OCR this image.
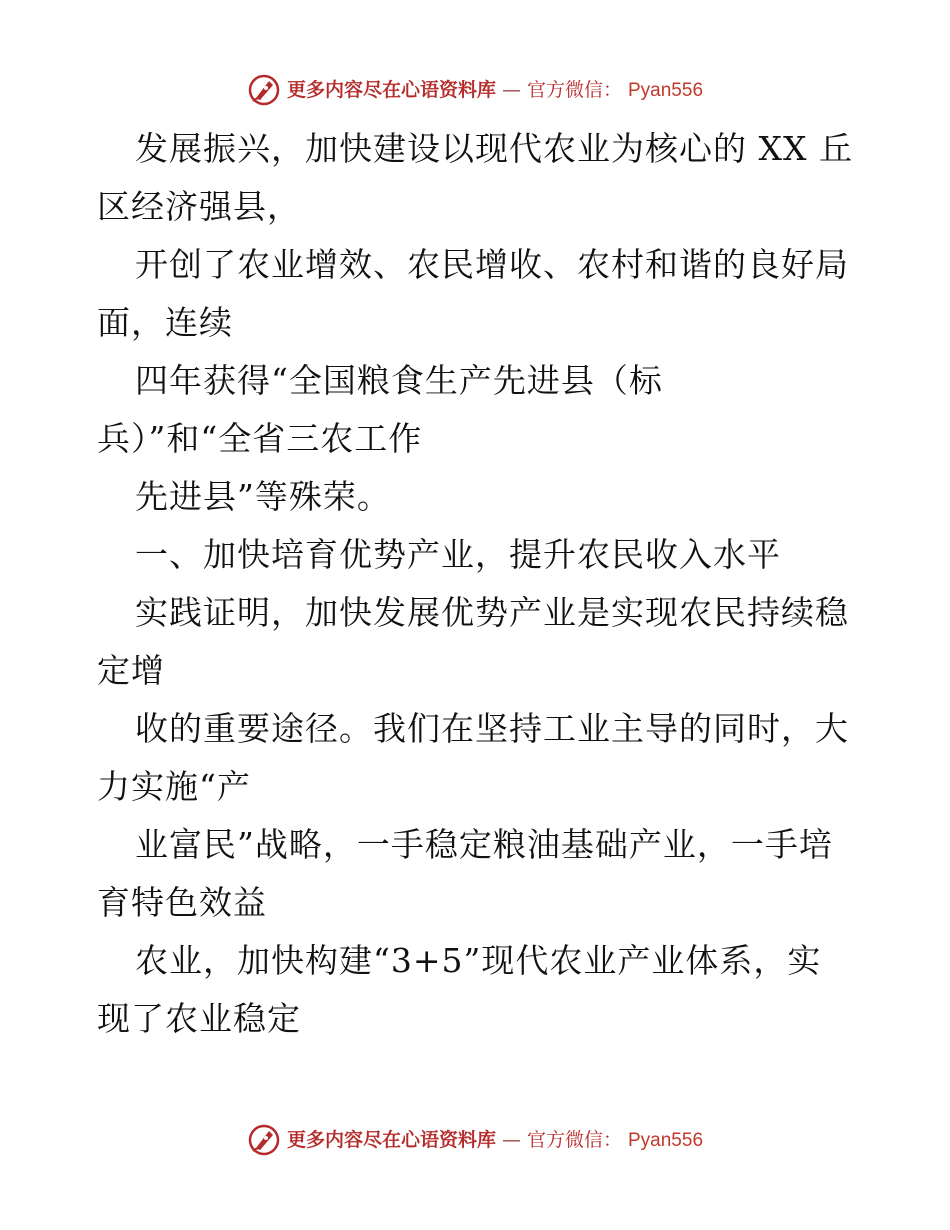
更多内容尽在心语资料库 — 官方微信： Pyan556
发展振兴，加快建设以现代农业为核心的 XX 丘
区经济强县，
开创了农业增效、农民增收、农村和谐的良好局
面，连续
四年获得“全国粮食生产先进县（标
兵）”和“全省三农工作
先进县”等殊荣。
一、加快培育优势产业，提升农民收入水平
实践证明，加快发展优势产业是实现农民持续稳
定增
收的重要途径。我们在坚持工业主导的同时，大
力实施“产
业富民”战略，一手稳定粮油基础产业，一手培
育特色效益
农业，加快构建“3+5”现代农业产业体系，实
现了农业稳定
更多内容尽在心语资料库 — 官方微信： Pyan556
